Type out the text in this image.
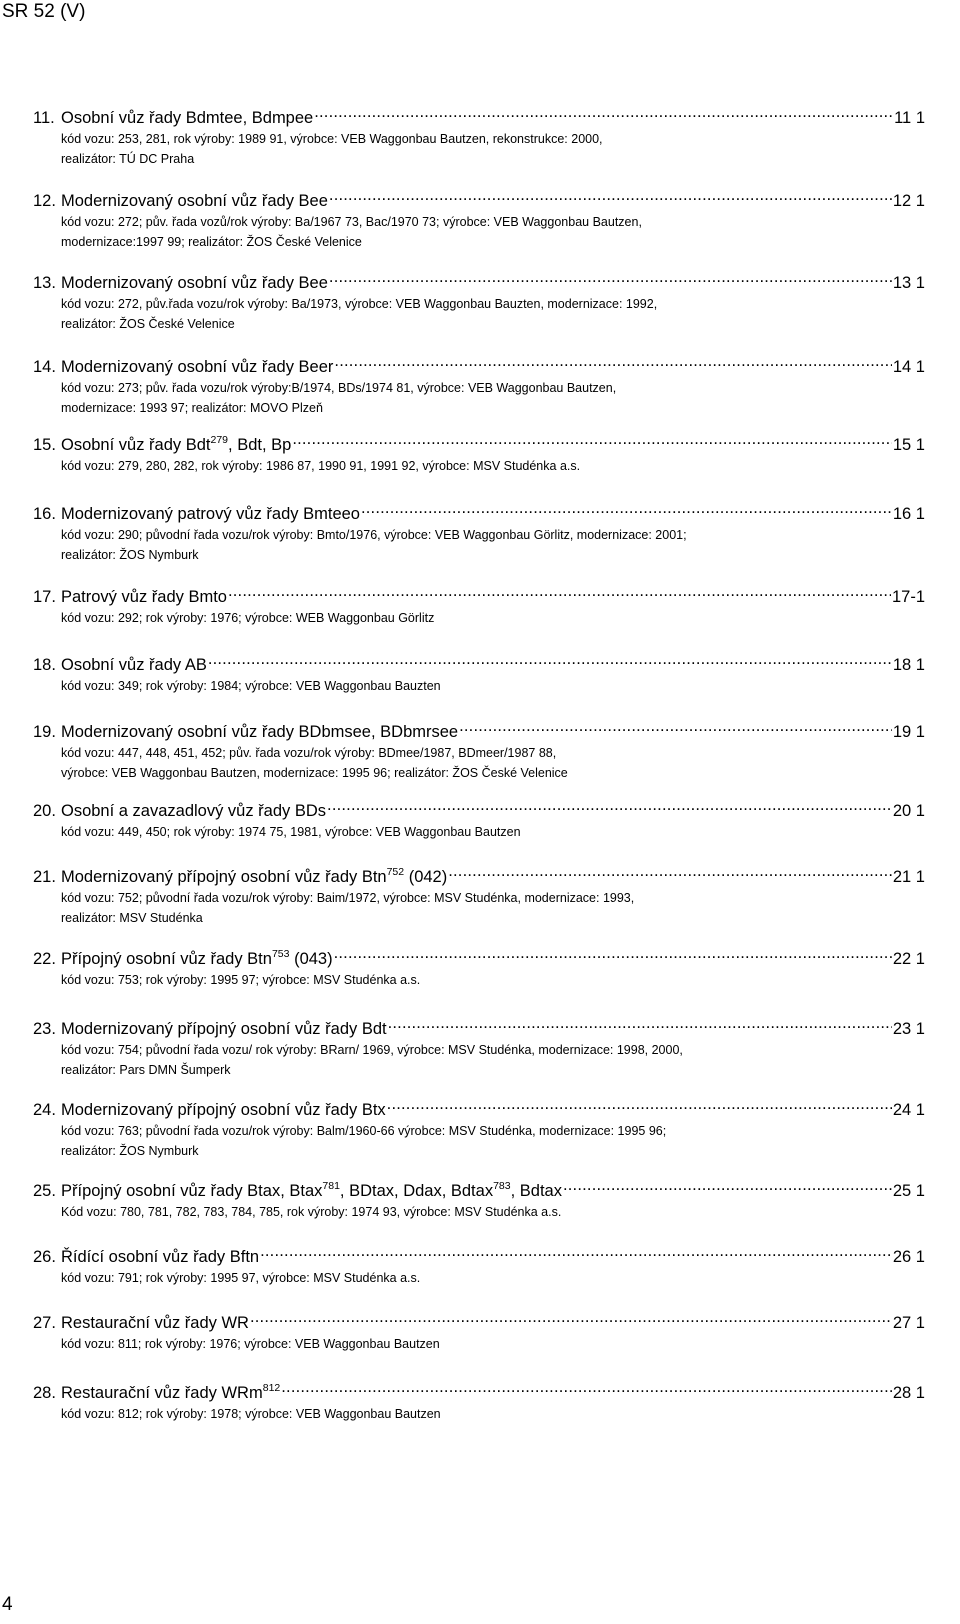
SR 52 (V)
11. Osobní vůz řady Bdmtee, Bdmpee .....	11 1
kód vozu: 253, 281, rok výroby: 1989 91, výrobce: VEB Waggonbau Bautzen, rekonstrukce: 2000,
realizátor: TÚ DC Praha
12. Modernizovaný osobní vůz řady Bee .....	12 1
kód vozu: 272; pův. řada vozů/rok výroby: Ba/1967 73, Bac/1970 73; výrobce: VEB Waggonbau Bautzen,
modernizace:1997 99; realizátor: ŽOS České Velenice
13. Modernizovaný osobní vůz řady Bee .....	13 1
kód vozu: 272, pův.řada vozu/rok výroby: Ba/1973, výrobce: VEB Waggonbau Bauzten, modernizace: 1992,
realizátor: ŽOS České Velenice
14. Modernizovaný osobní vůz řady Beer .....	14 1
kód vozu: 273; pův. řada vozu/rok výroby:B/1974, BDs/1974 81, výrobce: VEB Waggonbau Bautzen,
modernizace: 1993 97; realizátor: MOVO Plzeň
15. Osobní vůz řady Bdt$^{279}$, Bdt, Bp .....	15 1
kód vozu: 279, 280, 282, rok výroby: 1986 87, 1990 91, 1991 92, výrobce: MSV Studénka a.s.
16. Modernizovaný patrový vůz řady Bmteeo .....	16 1
kód vozu: 290; původní řada vozu/rok výroby: Bmto/1976, výrobce: VEB Waggonbau Görlitz, modernizace: 2001;
realizátor: ŽOS Nymburk
17. Patrový vůz řady Bmto .....	17-1
kód vozu: 292; rok výroby: 1976; výrobce: WEB Waggonbau Görlitz
18. Osobní vůz řady AB .....	18 1
kód vozu: 349; rok výroby: 1984; výrobce: VEB Waggonbau Bauzten
19. Modernizovaný osobní vůz řady BDbmsee, BDbmrsee .....	19 1
kód vozu: 447, 448, 451, 452; pův. řada vozu/rok výroby: BDmee/1987, BDmeer/1987 88,
výrobce: VEB Waggonbau Bautzen, modernizace: 1995 96; realizátor: ŽOS České Velenice
20. Osobní a zavazadlový vůz řady BDs .....	20 1
kód vozu: 449, 450; rok výroby: 1974 75, 1981, výrobce: VEB Waggonbau Bautzen
21. Modernizovaný přípojný osobní vůz řady Btn$^{752}$ (042) .....	21 1
kód vozu: 752; původní řada vozu/rok výroby: Baim/1972, výrobce: MSV Studénka, modernizace: 1993,
realizátor: MSV Studénka
22. Přípojný osobní vůz řady Btn$^{753}$ (043) .....	22 1
kód vozu: 753; rok výroby: 1995 97; výrobce: MSV Studénka a.s.
23. Modernizovaný přípojný osobní vůz řady Bdt .....	23 1
kód vozu: 754; původní řada vozu/ rok výroby: BRarn/ 1969, výrobce: MSV Studénka, modernizace: 1998, 2000,
realizátor: Pars DMN Šumperk
24. Modernizovaný přípojný osobní vůz řady Btx .....	24 1
kód vozu: 763; původní řada vozu/rok výroby: Balm/1960-66 výrobce: MSV Studénka, modernizace: 1995 96;
realizátor: ŽOS Nymburk
25. Přípojný osobní vůz řady Btax, Btax$^{781}$, BDtax, Ddax, Bdtax$^{783}$, Bdtax .....	25 1
Kód vozu: 780, 781, 782, 783, 784, 785, rok výroby: 1974 93, výrobce: MSV Studénka a.s.
26. Řídící osobní vůz řady Bftn .....	26 1
kód vozu: 791; rok výroby: 1995 97, výrobce: MSV Studénka a.s.
27. Restaurační vůz řady WR .....	27 1
kód vozu: 811; rok výroby: 1976; výrobce: VEB Waggonbau Bautzen
28. Restaurační vůz řady WRm$^{812}$ .....	28 1
kód vozu: 812; rok výroby: 1978; výrobce: VEB Waggonbau Bautzen
4
